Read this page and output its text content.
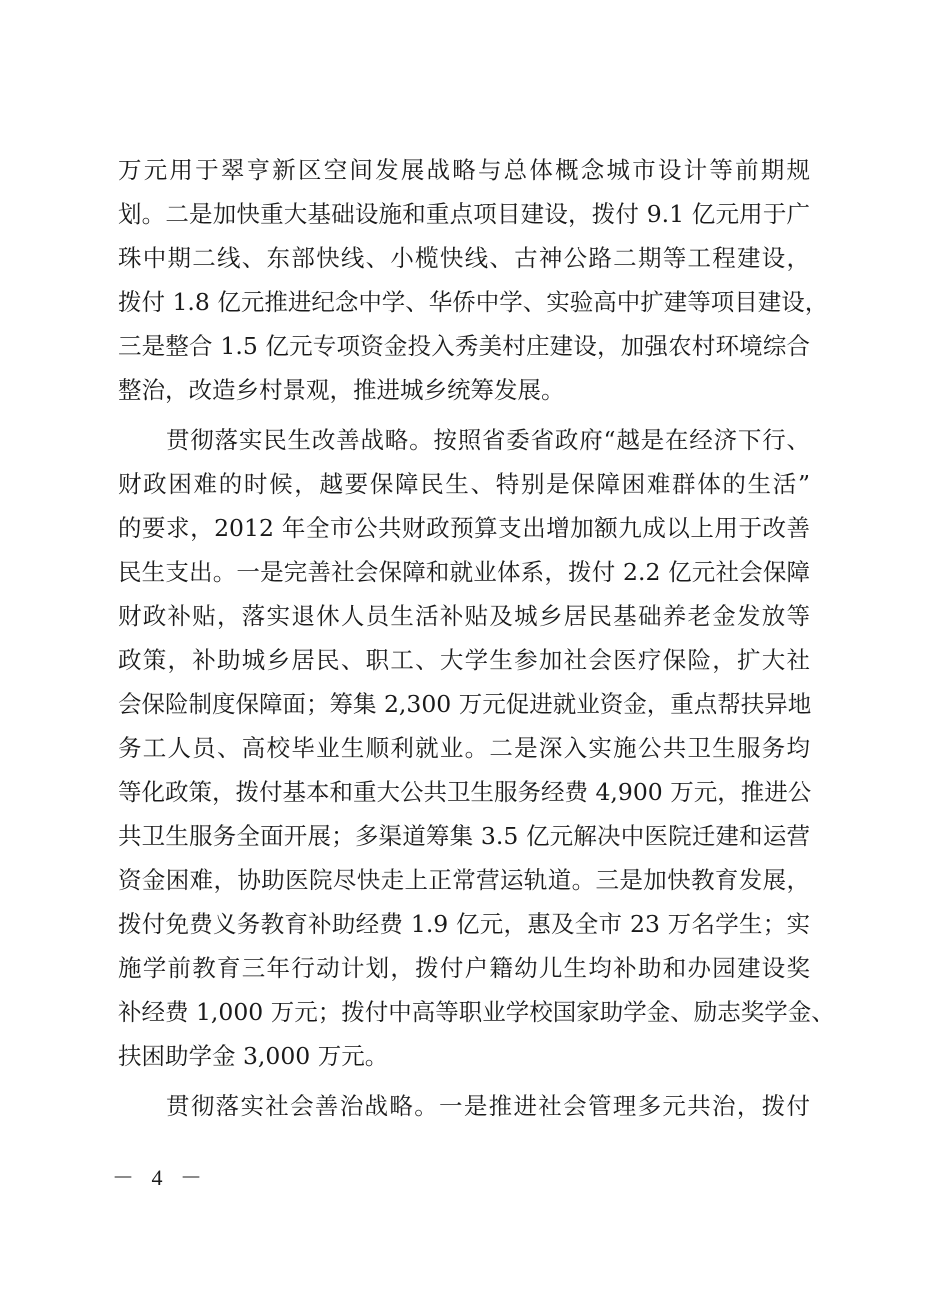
万元用于翠亨新区空间发展战略与总体概念城市设计等前期规
划。二是加快重大基础设施和重点项目建设，拨付 9.1 亿元用于广
珠中期二线、东部快线、小榄快线、古神公路二期等工程建设，
拨付 1.8 亿元推进纪念中学、华侨中学、实验高中扩建等项目建设，
三是整合 1.5 亿元专项资金投入秀美村庄建设，加强农村环境综合
整治，改造乡村景观，推进城乡统筹发展。
贯彻落实民生改善战略。按照省委省政府“越是在经济下行、
财政困难的时候，越要保障民生、特别是保障困难群体的生活”
的要求，2012 年全市公共财政预算支出增加额九成以上用于改善
民生支出。一是完善社会保障和就业体系，拨付 2.2 亿元社会保障
财政补贴，落实退休人员生活补贴及城乡居民基础养老金发放等
政策，补助城乡居民、职工、大学生参加社会医疗保险，扩大社
会保险制度保障面；筹集 2,300 万元促进就业资金，重点帮扶异地
务工人员、高校毕业生顺利就业。二是深入实施公共卫生服务均
等化政策，拨付基本和重大公共卫生服务经费 4,900 万元，推进公
共卫生服务全面开展；多渠道筹集 3.5 亿元解决中医院迁建和运营
资金困难，协助医院尽快走上正常营运轨道。三是加快教育发展，
拨付免费义务教育补助经费 1.9 亿元，惠及全市 23 万名学生；实
施学前教育三年行动计划，拨付户籍幼儿生均补助和办园建设奖
补经费 1,000 万元；拨付中高等职业学校国家助学金、励志奖学金、
扶困助学金 3,000 万元。
贯彻落实社会善治战略。一是推进社会管理多元共治，拨付
－ 4 －
